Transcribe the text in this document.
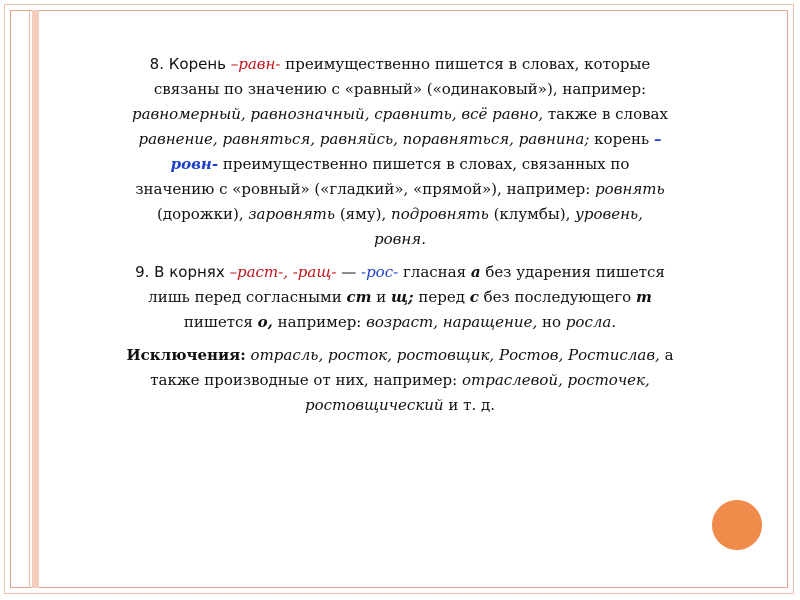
8. Корень –равн- преимущественно пишется в словах, которые
связаны по значению с «равный» («одинаковый»), например:
равномерный, равнозначный, сравнить, всё равно, также в словах
равнение, равняться, равняйсь, поравняться, равнина; корень –
ровн- преимущественно пишется в словах, связанных по
значению с «ровный» («гладкий», «прямой»), например: ровнять
(дорожки), заровнять (яму), подровнять (клумбы), уровень,
ровня.
9. В корнях –раст-, -ращ- — -рос- гласная а без ударения пишется
лишь перед согласными ст и щ; перед с без последующего т
пишется о, например: возраст, наращение, но росла.
Исключения: отрасль, росток, ростовщик, Ростов, Ростислав, а
также производные от них, например: отраслевой, росточек,
ростовщический и т. д.
